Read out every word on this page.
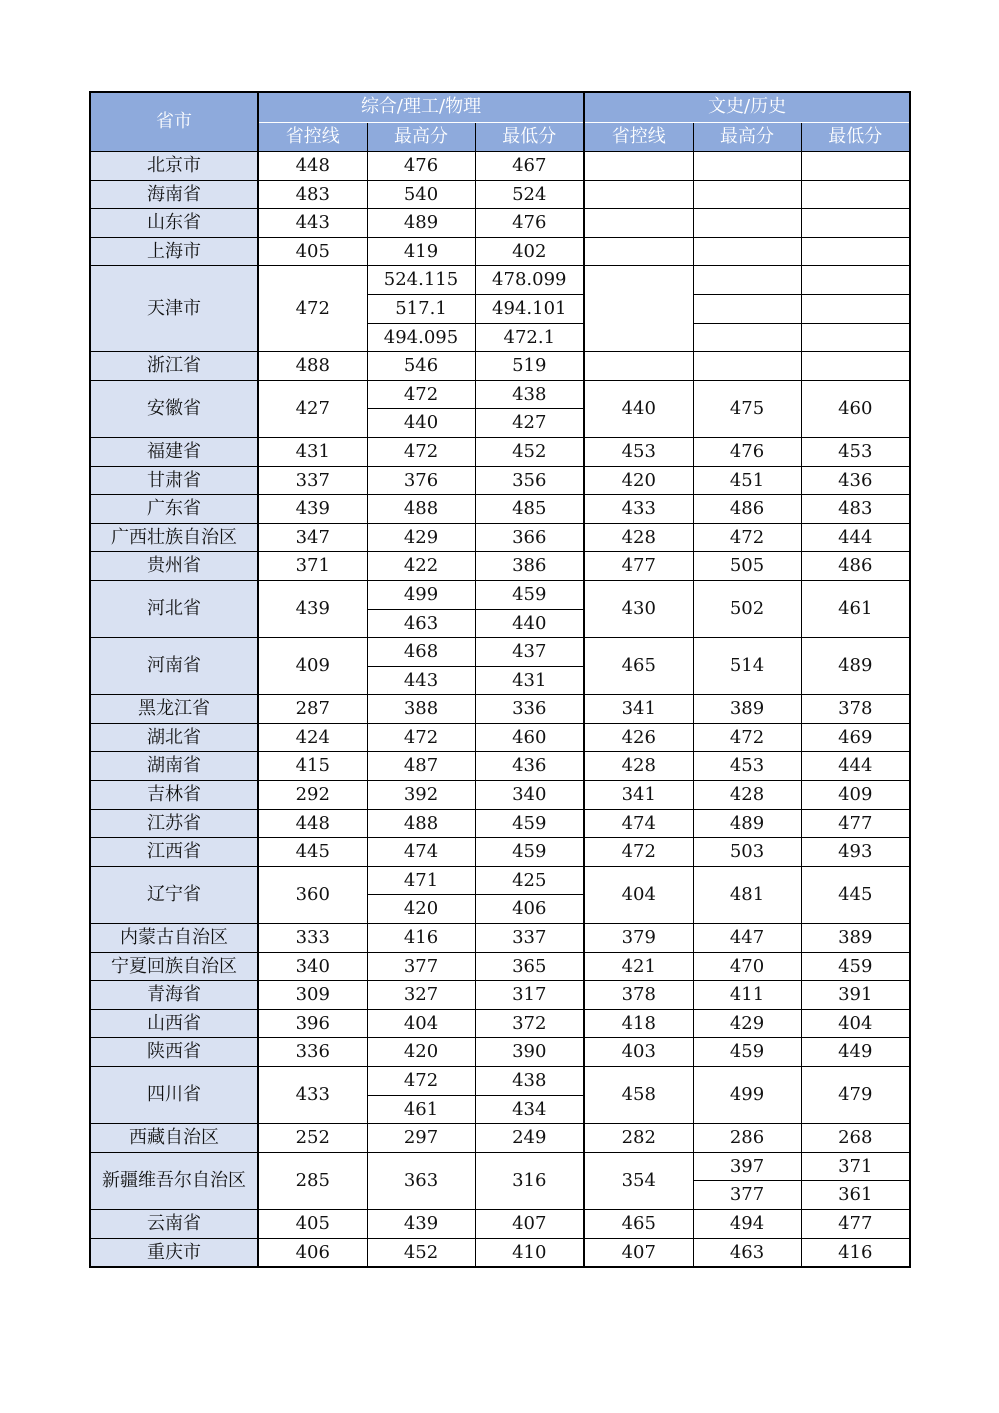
省市	综合/理工/物理			文史/历史		
	省控线	最高分	最低分	省控线	最高分	最低分
北京市	448	476	467			
海南省	483	540	524			
山东省	443	489	476			
上海市	405	419	402			
天津市	472	524.115	478.099			
		517.1	494.101			
		494.095	472.1			
浙江省	488	546	519			
安徽省	427	472	438	440	475	460
		440	427			
福建省	431	472	452	453	476	453
甘肃省	337	376	356	420	451	436
广东省	439	488	485	433	486	483
广西壮族自治区	347	429	366	428	472	444
贵州省	371	422	386	477	505	486
河北省	439	499	459	430	502	461
		463	440			
河南省	409	468	437	465	514	489
		443	431			
黑龙江省	287	388	336	341	389	378
湖北省	424	472	460	426	472	469
湖南省	415	487	436	428	453	444
吉林省	292	392	340	341	428	409
江苏省	448	488	459	474	489	477
江西省	445	474	459	472	503	493
辽宁省	360	471	425	404	481	445
		420	406			
内蒙古自治区	333	416	337	379	447	389
宁夏回族自治区	340	377	365	421	470	459
青海省	309	327	317	378	411	391
山西省	396	404	372	418	429	404
陕西省	336	420	390	403	459	449
四川省	433	472	438	458	499	479
		461	434			
西藏自治区	252	297	249	282	286	268
新疆维吾尔自治区	285	363	316	354	397	371
					377	361
云南省	405	439	407	465	494	477
重庆市	406	452	410	407	463	416
